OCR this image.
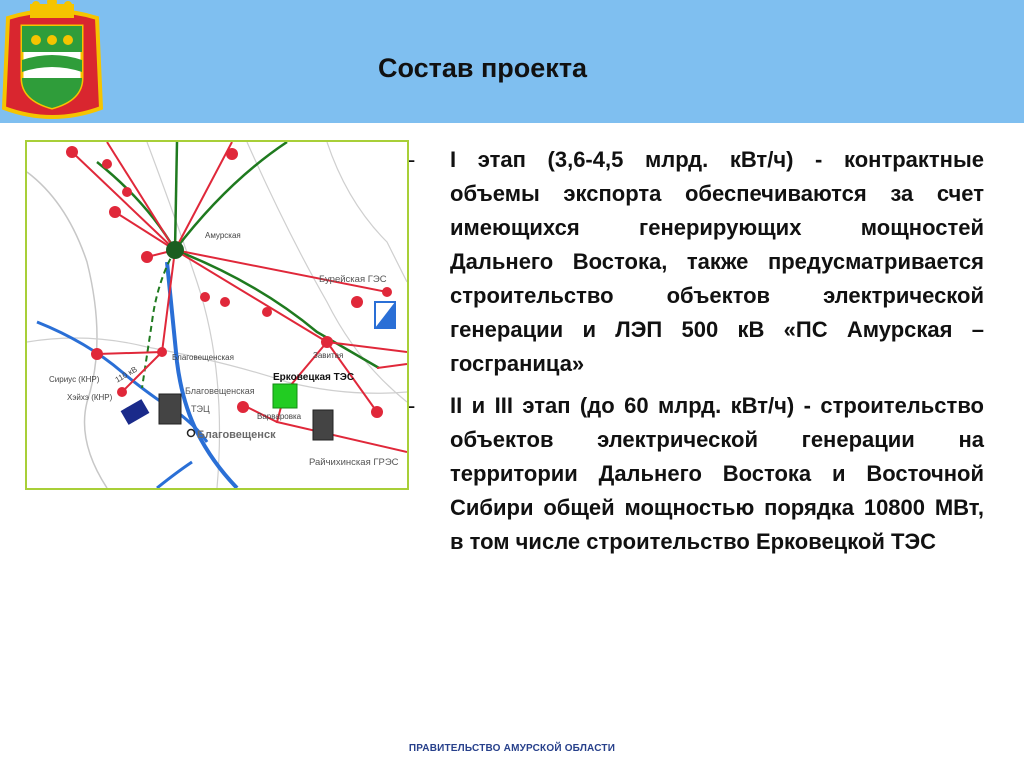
Состав проекта
Амурская
Бурейская ГЭС
Благовещенская
Сириус (КНР) 110 кВ
Хэйхэ (КНР)
Благовещенская
ТЭЦ
Завитая
Варваровка
Райчихинская ГРЭС
Ерковецкая ТЭС
Благовещенск
- I этап (3,6-4,5 млрд. кВт/ч) - контрактные объемы экспорта обеспечиваются за счет имеющихся генерирующих мощностей Дальнего Востока, также предусматривается строительство объектов электрической генерации и ЛЭП 500 кВ «ПС Амурская – госграница»
- II и III этап (до 60 млрд. кВт/ч) - строительство объектов электрической генерации на территории Дальнего Востока и Восточной Сибири общей мощностью порядка 10800 МВт, в том числе строительство Ерковецкой ТЭС
ПРАВИТЕЛЬСТВО АМУРСКОЙ ОБЛАСТИ
